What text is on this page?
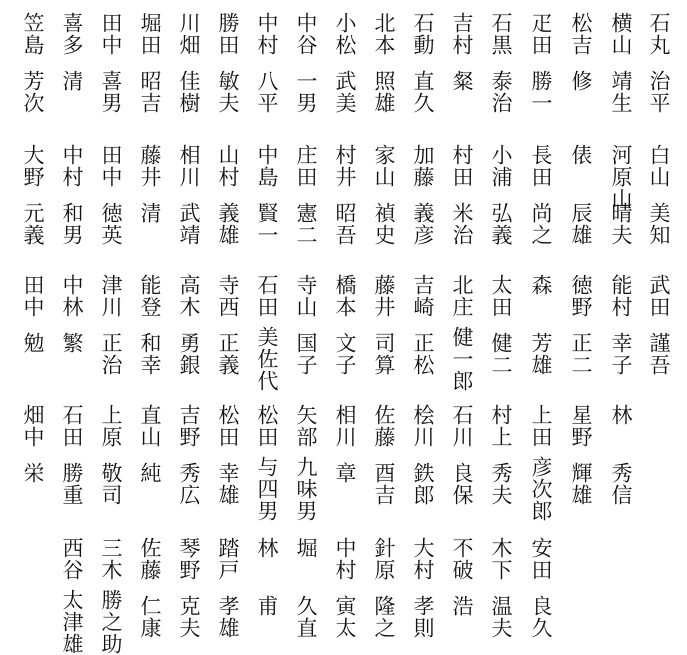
石丸
治平
横山
靖生
松吉
修
疋田
勝一
石黒
泰治
吉村
粲
石動
直久
北本
照雄
小松
武美
中谷
一男
中村
八平
勝田
敏夫
川畑
佳樹
堀田
昭吉
田中
喜男
喜多
清
笠島
芳次
白山
美知
河原山
晴夫
俵
辰雄
長田
尚之
小浦
弘義
村田
米治
加藤
義彦
家山
禎史
村井
昭吾
庄田
憲二
中島
賢一
山村
義雄
相川
武靖
藤井
清
田中
徳英
中村
和男
大野
元義
武田
謹吾
能村
幸子
徳野
正二
森
芳雄
太田
健二
北庄
健一郎
吉崎
正松
藤井
司算
橋本
文子
寺山
国子
石田
美佐代
寺西
正義
高木
勇銀
能登
和幸
津川
正治
中林
繁
田中
勉
林
秀信
星野
輝雄
上田
彦次郎
村上
秀夫
石川
良保
桧川
鉄郎
佐藤
酉吉
相川
章
矢部
九味男
松田
与四男
松田
幸雄
吉野
秀広
直山
純
上原
敬司
石田
勝重
畑中
栄
安田
良久
木下
温夫
不破
浩
大村
孝則
針原
隆之
中村
寅太
堀
久直
林
甫
踏戸
孝雄
琴野
克夫
佐藤
仁康
三木
勝之助
西谷
太津雄
